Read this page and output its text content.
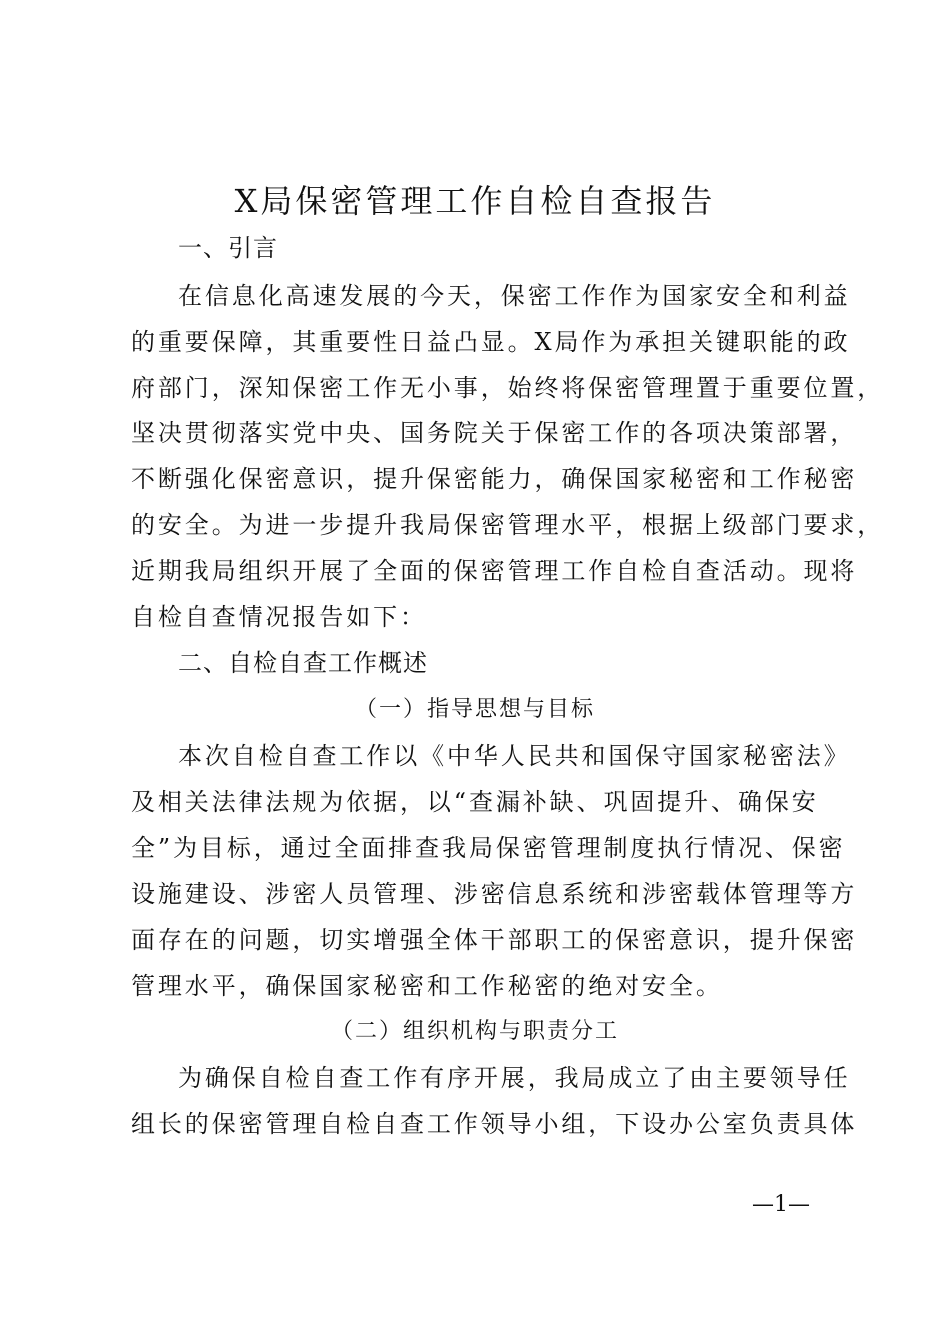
X局保密管理工作自检自查报告
一、引言
在信息化高速发展的今天，保密工作作为国家安全和利益
的重要保障，其重要性日益凸显。X局作为承担关键职能的政
府部门，深知保密工作无小事，始终将保密管理置于重要位置，
坚决贯彻落实党中央、国务院关于保密工作的各项决策部署，
不断强化保密意识，提升保密能力，确保国家秘密和工作秘密
的安全。为进一步提升我局保密管理水平，根据上级部门要求，
近期我局组织开展了全面的保密管理工作自检自查活动。现将
自检自查情况报告如下：
二、自检自查工作概述
（一）指导思想与目标
本次自检自查工作以《中华人民共和国保守国家秘密法》
及相关法律法规为依据，以“查漏补缺、巩固提升、确保安
全”为目标，通过全面排查我局保密管理制度执行情况、保密
设施建设、涉密人员管理、涉密信息系统和涉密载体管理等方
面存在的问题，切实增强全体干部职工的保密意识，提升保密
管理水平，确保国家秘密和工作秘密的绝对安全。
（二）组织机构与职责分工
为确保自检自查工作有序开展，我局成立了由主要领导任
组长的保密管理自检自查工作领导小组，下设办公室负责具体
—1—
